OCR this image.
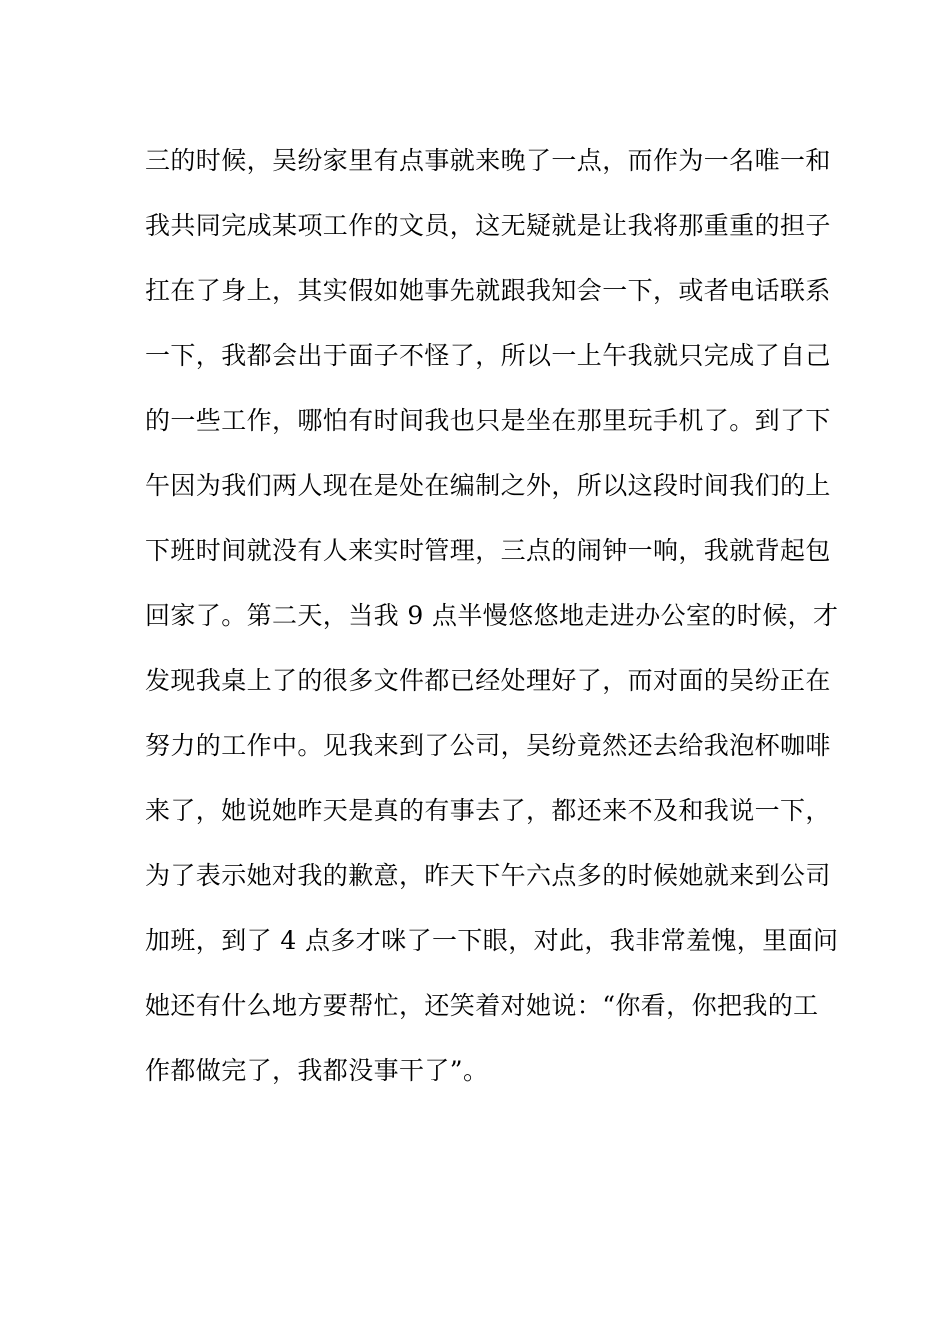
三的时候，吴纷家里有点事就来晚了一点，而作为一名唯一和
我共同完成某项工作的文员，这无疑就是让我将那重重的担子
扛在了身上，其实假如她事先就跟我知会一下，或者电话联系
一下，我都会出于面子不怪了，所以一上午我就只完成了自己
的一些工作，哪怕有时间我也只是坐在那里玩手机了。到了下
午因为我们两人现在是处在编制之外，所以这段时间我们的上
下班时间就没有人来实时管理，三点的闹钟一响，我就背起包
回家了。第二天，当我 9 点半慢悠悠地走进办公室的时候，才
发现我桌上了的很多文件都已经处理好了，而对面的吴纷正在
努力的工作中。见我来到了公司，吴纷竟然还去给我泡杯咖啡
来了，她说她昨天是真的有事去了，都还来不及和我说一下，
为了表示她对我的歉意，昨天下午六点多的时候她就来到公司
加班，到了 4 点多才咪了一下眼，对此，我非常羞愧，里面问
她还有什么地方要帮忙，还笑着对她说：“你看，你把我的工
作都做完了，我都没事干了”。
